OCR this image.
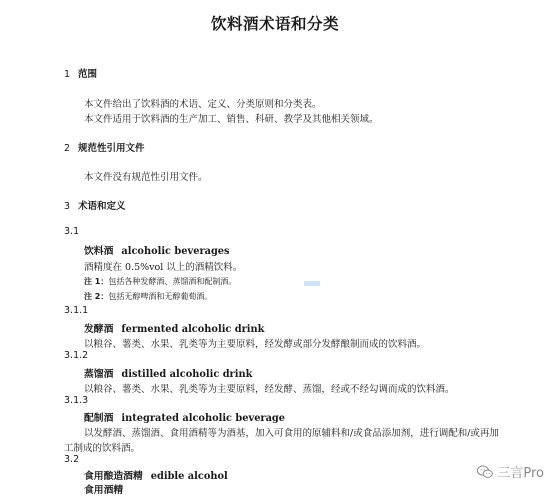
饮料酒术语和分类
1 范围
本文件给出了饮料酒的术语、定义、分类原则和分类表。
本文件适用于饮料酒的生产加工、销售、科研、教学及其他相关领域。
2 规范性引用文件
本文件没有规范性引用文件。
3 术语和定义
3.1
饮料酒 alcoholic beverages
酒精度在 0.5%vol 以上的酒精饮料。
注 1：包括各种发酵酒、蒸馏酒和配制酒。
注 2：包括无醇啤酒和无醇葡萄酒。
3.1.1
发酵酒 fermented alcoholic drink
以粮谷、薯类、水果、乳类等为主要原料，经发酵或部分发酵酿制而成的饮料酒。
3.1.2
蒸馏酒 distilled alcoholic drink
以粮谷、薯类、水果、乳类等为主要原料，经发酵、蒸馏，经或不经勾调而成的饮料酒。
3.1.3
配制酒 integrated alcoholic beverage
以发酵酒、蒸馏酒、食用酒精等为酒基，加入可食用的原辅料和/或食品添加剂，进行调配和/或再加
工制成的饮料酒。
3.2
食用酿造酒精 edible alcohol
食用酒精
三言Pro
